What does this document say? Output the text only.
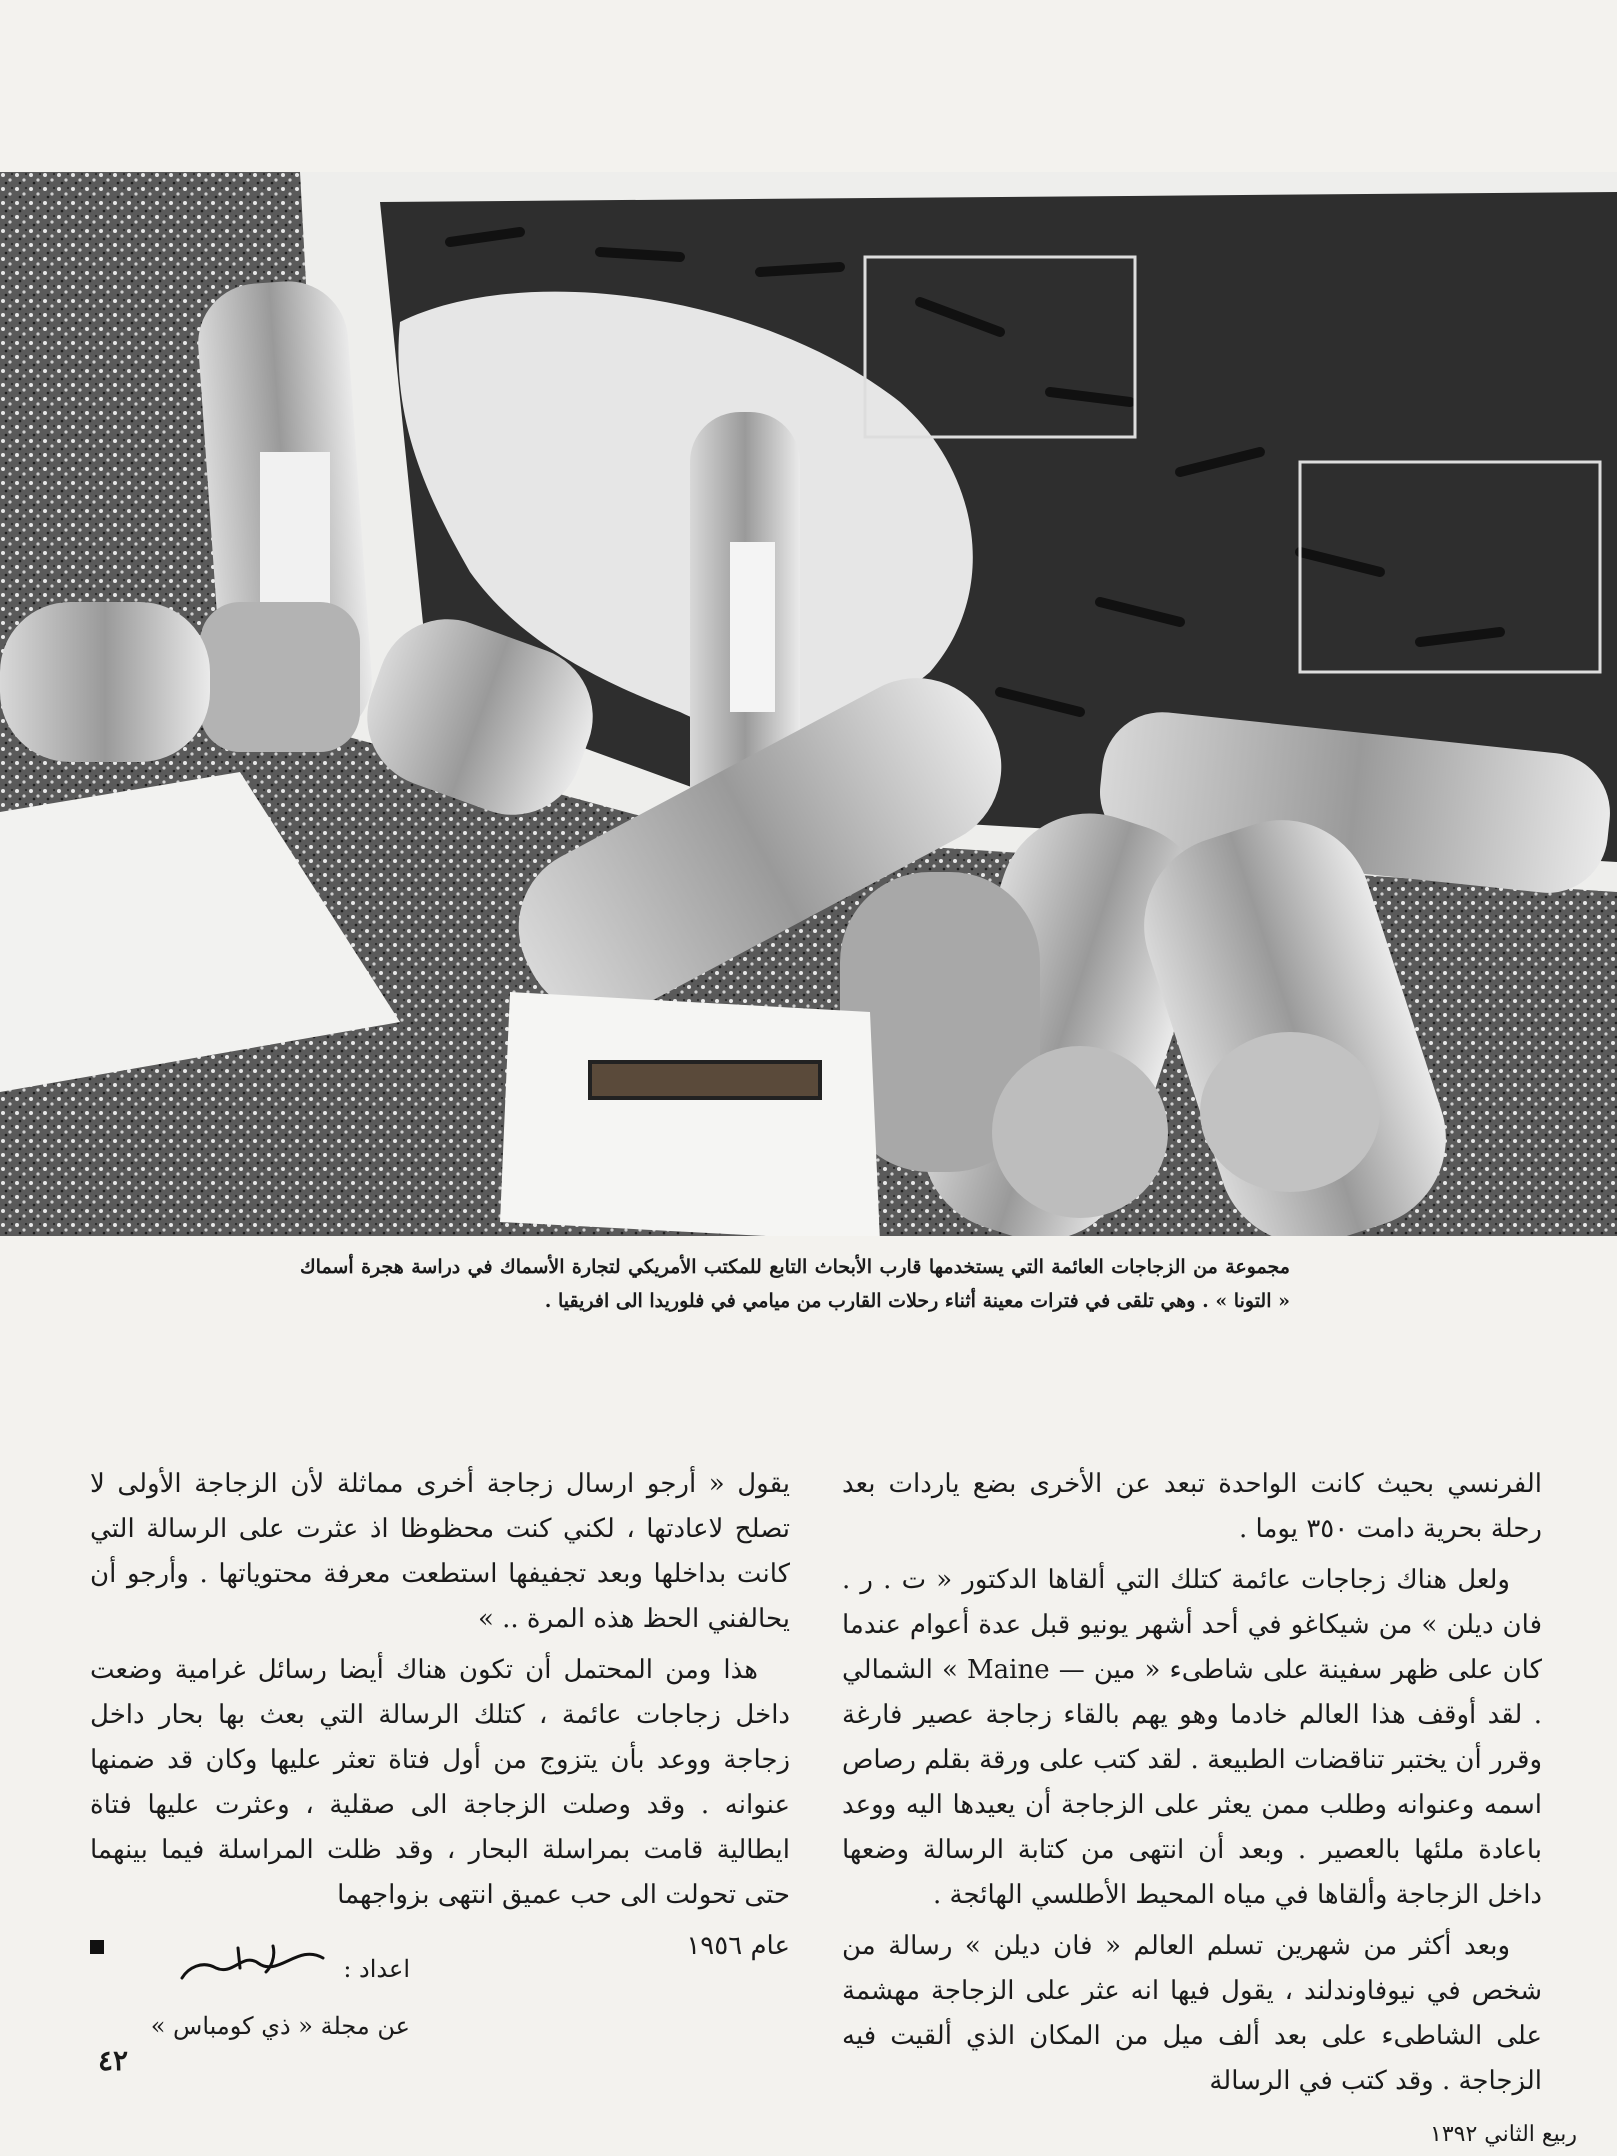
مجموعة من الزجاجات العائمة التي يستخدمها قارب الأبحاث التابع للمكتب الأمريكي لتجارة الأسماك في دراسة هجرة أسماك « التونا » . وهي تلقى في فترات معينة أثناء رحلات القارب من ميامي في فلوريدا الى افريقيا .

الفرنسي بحيث كانت الواحدة تبعد عن الأخرى بضع ياردات بعد رحلة بحرية دامت ٣٥٠ يوما .

ولعل هناك زجاجات عائمة كتلك التي ألقاها الدكتور « ت . ر . فان ديلن » من شيكاغو في أحد أشهر يونيو قبل عدة أعوام عندما كان على ظهر سفينة على شاطىء « مين — Maine » الشمالي . لقد أوقف هذا العالم خادما وهو يهم بالقاء زجاجة عصير فارغة وقرر أن يختبر تناقضات الطبيعة . لقد كتب على ورقة بقلم رصاص اسمه وعنوانه وطلب ممن يعثر على الزجاجة أن يعيدها اليه ووعد باعادة ملئها بالعصير . وبعد أن انتهى من كتابة الرسالة وضعها داخل الزجاجة وألقاها في مياه المحيط الأطلسي الهائجة .

وبعد أكثر من شهرين تسلم العالم « فان ديلن » رسالة من شخص في نيوفاوندلند ، يقول فيها انه عثر على الزجاجة مهشمة على الشاطىء على بعد ألف ميل من المكان الذي ألقيت فيه الزجاجة . وقد كتب في الرسالة

يقول « أرجو ارسال زجاجة أخرى مماثلة لأن الزجاجة الأولى لا تصلح لاعادتها ، لكني كنت محظوظا اذ عثرت على الرسالة التي كانت بداخلها وبعد تجفيفها استطعت معرفة محتوياتها . وأرجو أن يحالفني الحظ هذه المرة .. »

هذا ومن المحتمل أن تكون هناك أيضا رسائل غرامية وضعت داخل زجاجات عائمة ، كتلك الرسالة التي بعث بها بحار داخل زجاجة ووعد بأن يتزوج من أول فتاة تعثر عليها وكان قد ضمنها عنوانه . وقد وصلت الزجاجة الى صقلية ، وعثرت عليها فتاة ايطالية قامت بمراسلة البحار ، وقد ظلت المراسلة فيما بينهما حتى تحولت الى حب عميق انتهى بزواجهما

عام ١٩٥٦
اعداد :
عن مجلة « ذي كومباس »
٤٢
ربيع الثاني ١٣٩٢
